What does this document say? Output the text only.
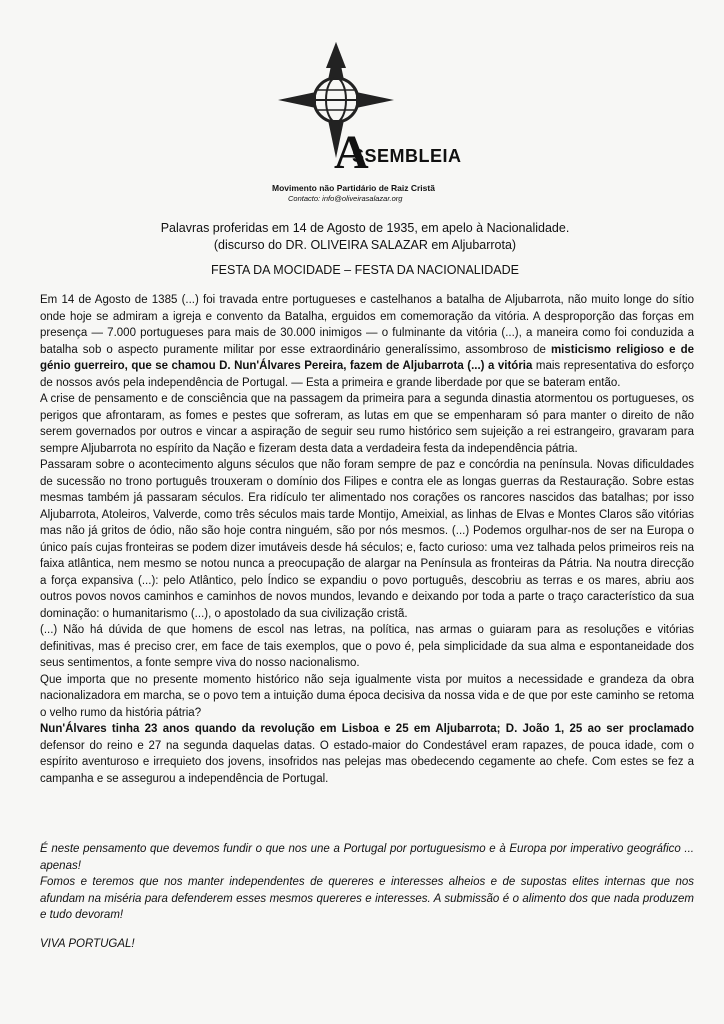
A
SSEMBLEIA
Movimento não Partidário de Raiz Cristã
Contacto: info@oliveirasalazar.org
Palavras proferidas em 14 de Agosto de 1935, em apelo à Nacionalidade.
(discurso do DR. OLIVEIRA SALAZAR em Aljubarrota)
FESTA DA MOCIDADE – FESTA DA NACIONALIDADE

Em 14 de Agosto de 1385 (...) foi travada entre portugueses e castelhanos a batalha de Aljubarrota, não muito longe do sítio onde hoje se admiram a igreja e convento da Batalha, erguidos em comemoração da vitória. A desproporção das forças em presença — 7.000 portugueses para mais de 30.000 inimigos — o fulminante da vitória (...), a maneira como foi conduzida a batalha sob o aspecto puramente militar por esse extraordinário generalíssimo, assombroso de misticismo religioso e de génio guerreiro, que se chamou D. Nun'Álvares Pereira, fazem de Aljubarrota (...) a vitória mais representativa do esforço de nossos avós pela independência de Portugal. — Esta a primeira e grande liberdade por que se bateram então.

A crise de pensamento e de consciência que na passagem da primeira para a segunda dinastia atormentou os portugueses, os perigos que afrontaram, as fomes e pestes que sofreram, as lutas em que se empenharam só para manter o direito de não serem governados por outros e vincar a aspiração de seguir seu rumo histórico sem sujeição a rei estrangeiro, gravaram para sempre Aljubarrota no espírito da Nação e fizeram desta data a verdadeira festa da independência pátria.

Passaram sobre o acontecimento alguns séculos que não foram sempre de paz e concórdia na península. Novas dificuldades de sucessão no trono português trouxeram o domínio dos Filipes e contra ele as longas guerras da Restauração. Sobre estas mesmas também já passaram séculos. Era ridículo ter alimentado nos corações os rancores nascidos das batalhas; por isso Aljubarrota, Atoleiros, Valverde, como três séculos mais tarde Montijo, Ameixial, as linhas de Elvas e Montes Claros são vitórias mas não já gritos de ódio, não são hoje contra ninguém, são por nós mesmos. (...) Podemos orgulhar-nos de ser na Europa o único país cujas fronteiras se podem dizer imutáveis desde há séculos; e, facto curioso: uma vez talhada pelos primeiros reis na faixa atlântica, nem mesmo se notou nunca a preocupação de alargar na Península as fronteiras da Pátria. Na noutra direcção a força expansiva (...): pelo Atlântico, pelo Índico se expandiu o povo português, descobriu as terras e os mares, abriu aos outros povos novos caminhos e caminhos de novos mundos, levando e deixando por toda a parte o traço característico da sua dominação: o humanitarismo (...), o apostolado da sua civilização cristã.

(...) Não há dúvida de que homens de escol nas letras, na política, nas armas o guiaram para as resoluções e vitórias definitivas, mas é preciso crer, em face de tais exemplos, que o povo é, pela simplicidade da sua alma e espontaneidade dos seus sentimentos, a fonte sempre viva do nosso nacionalismo.

Que importa que no presente momento histórico não seja igualmente vista por muitos a necessidade e grandeza da obra nacionalizadora em marcha, se o povo tem a intuição duma época decisiva da nossa vida e de que por este caminho se retoma o velho rumo da história pátria?

Nun'Álvares tinha 23 anos quando da revolução em Lisboa e 25 em Aljubarrota; D. João 1, 25 ao ser proclamado defensor do reino e 27 na segunda daquelas datas. O estado-maior do Condestável eram rapazes, de pouca idade, com o espírito aventuroso e irrequieto dos jovens, insofridos nas pelejas mas obedecendo cegamente ao chefe. Com estes se fez a campanha e se assegurou a independência de Portugal.

É neste pensamento que devemos fundir o que nos une a Portugal por portuguesismo e à Europa por imperativo geográfico ... apenas!

Fomos e teremos que nos manter independentes de quereres e interesses alheios e de supostas elites internas que nos afundam na miséria para defenderem esses mesmos quereres e interesses. A submissão é o alimento dos que nada produzem e tudo devoram!

VIVA PORTUGAL!
